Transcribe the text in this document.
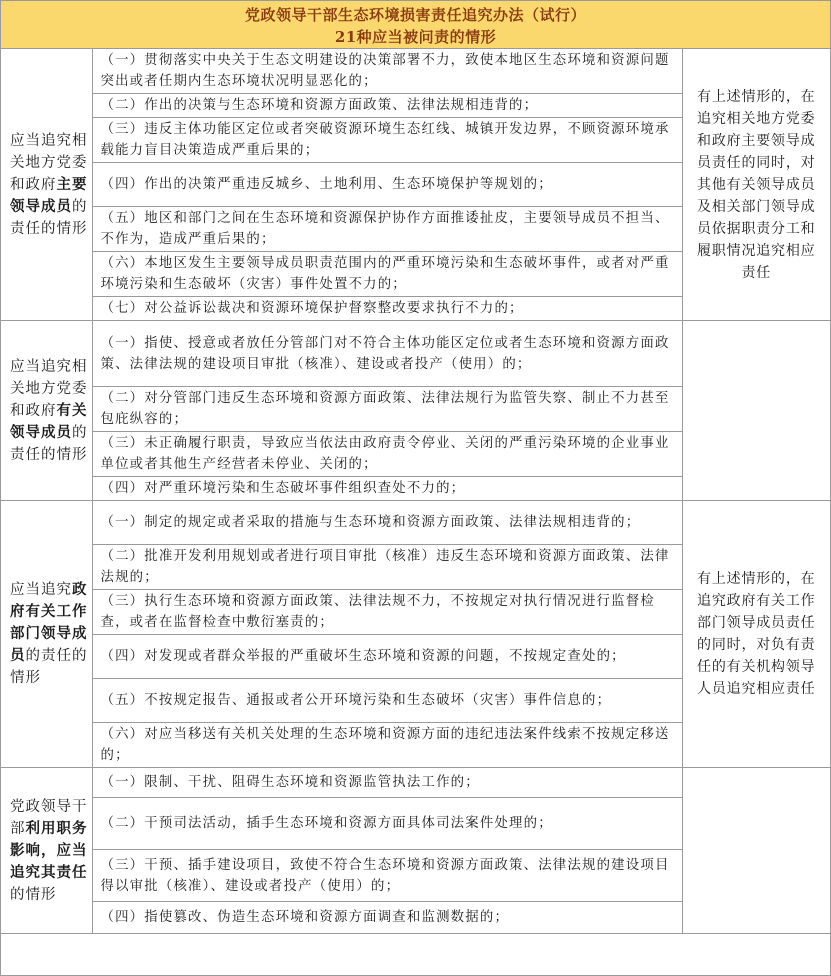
党政领导干部生态环境损害责任追究办法（试行）
21种应当被问责的情形
应当追究相关地方党委和政府主要领导成员的责任的情形	（一）贯彻落实中央关于生态文明建设的决策部署不力，致使本地区生态环境和资源问题突出或者任期内生态环境状况明显恶化的；	有上述情形的，在追究相关地方党委和政府主要领导成员责任的同时，对其他有关领导成员及相关部门领导成员依据职责分工和履职情况追究相应责任
	（二）作出的决策与生态环境和资源方面政策、法律法规相违背的；	
	（三）违反主体功能区定位或者突破资源环境生态红线、城镇开发边界，不顾资源环境承载能力盲目决策造成严重后果的；	
	（四）作出的决策严重违反城乡、土地利用、生态环境保护等规划的；	
	（五）地区和部门之间在生态环境和资源保护协作方面推诿扯皮，主要领导成员不担当、不作为，造成严重后果的；	
	（六）本地区发生主要领导成员职责范围内的严重环境污染和生态破坏事件，或者对严重环境污染和生态破坏（灾害）事件处置不力的；	
	（七）对公益诉讼裁决和资源环境保护督察整改要求执行不力的；	
应当追究相关地方党委和政府有关领导成员的责任的情形	（一）指使、授意或者放任分管部门对不符合主体功能区定位或者生态环境和资源方面政策、法律法规的建设项目审批（核准）、建设或者投产（使用）的；	
	（二）对分管部门违反生态环境和资源方面政策、法律法规行为监管失察、制止不力甚至包庇纵容的；	
	（三）未正确履行职责，导致应当依法由政府责令停业、关闭的严重污染环境的企业事业单位或者其他生产经营者未停业、关闭的；	
	（四）对严重环境污染和生态破坏事件组织查处不力的；	
应当追究政府有关工作部门领导成员的责任的情形	（一）制定的规定或者采取的措施与生态环境和资源方面政策、法律法规相违背的；	有上述情形的，在追究政府有关工作部门领导成员责任的同时，对负有责任的有关机构领导人员追究相应责任
	（二）批准开发利用规划或者进行项目审批（核准）违反生态环境和资源方面政策、法律法规的；	
	（三）执行生态环境和资源方面政策、法律法规不力，不按规定对执行情况进行监督检查，或者在监督检查中敷衍塞责的；	
	（四）对发现或者群众举报的严重破坏生态环境和资源的问题，不按规定查处的；	
	（五）不按规定报告、通报或者公开环境污染和生态破坏（灾害）事件信息的；	
	（六）对应当移送有关机关处理的生态环境和资源方面的违纪违法案件线索不按规定移送的；	
党政领导干部利用职务影响，应当追究其责任的情形	（一）限制、干扰、阻碍生态环境和资源监管执法工作的；	
	（二）干预司法活动，插手生态环境和资源方面具体司法案件处理的；	
	（三）干预、插手建设项目，致使不符合生态环境和资源方面政策、法律法规的建设项目得以审批（核准）、建设或者投产（使用）的；	
	（四）指使篡改、伪造生态环境和资源方面调查和监测数据的；	
